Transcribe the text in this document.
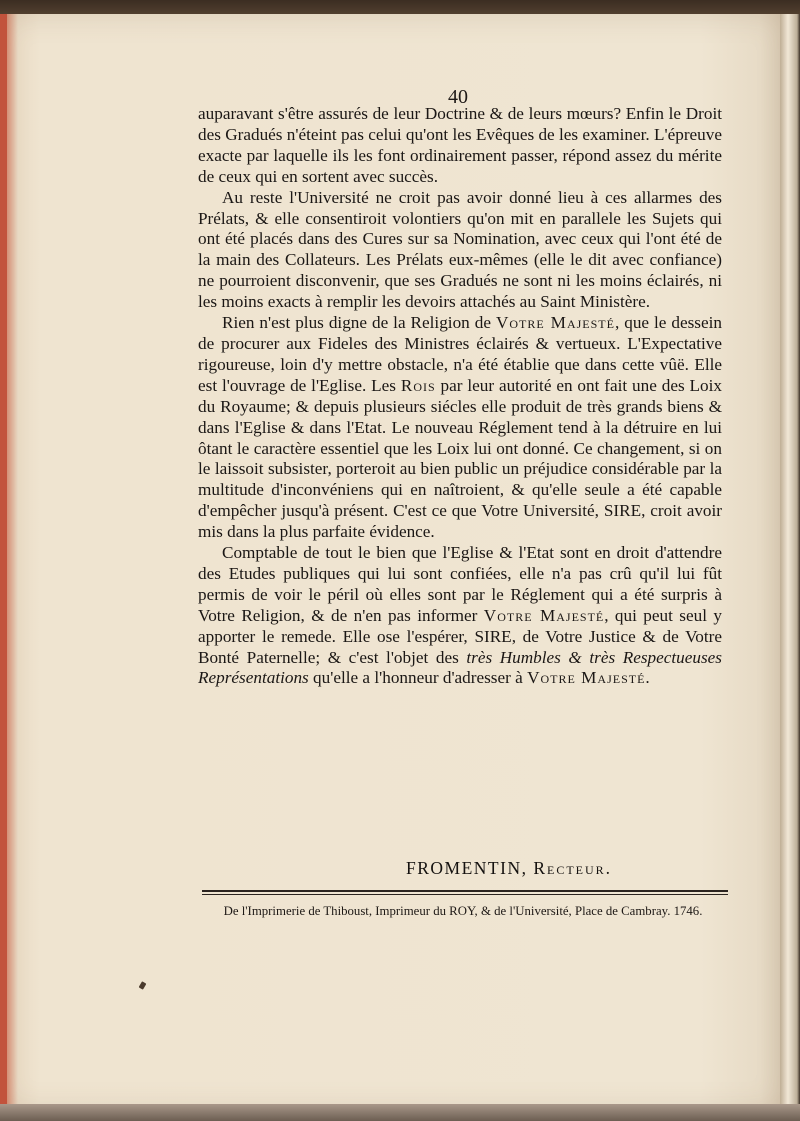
40

auparavant s'être assurés de leur Doctrine & de leurs mœurs? Enfin le Droit des Gradués n'éteint pas celui qu'ont les Evêques de les examiner. L'épreuve exacte par laquelle ils les font ordinairement passer, répond assez du mérite de ceux qui en sortent avec succès.

Au reste l'Université ne croit pas avoir donné lieu à ces allarmes des Prélats, & elle consentiroit volontiers qu'on mit en parallele les Sujets qui ont été placés dans des Cures sur sa Nomination, avec ceux qui l'ont été de la main des Collateurs. Les Prélats eux-mêmes (elle le dit avec confiance) ne pourroient disconvenir, que ses Gradués ne sont ni les moins éclairés, ni les moins exacts à remplir les devoirs attachés au Saint Ministère.

Rien n'est plus digne de la Religion de Votre Majesté, que le dessein de procurer aux Fideles des Ministres éclairés & vertueux. L'Expectative rigoureuse, loin d'y mettre obstacle, n'a été établie que dans cette vûë. Elle est l'ouvrage de l'Eglise. Les Rois par leur autorité en ont fait une des Loix du Royaume; & depuis plusieurs siécles elle produit de très grands biens & dans l'Eglise & dans l'Etat. Le nouveau Réglement tend à la détruire en lui ôtant le caractère essentiel que les Loix lui ont donné. Ce changement, si on le laissoit subsister, porteroit au bien public un préjudice considérable par la multitude d'inconvéniens qui en naîtroient, & qu'elle seule a été capable d'empêcher jusqu'à présent. C'est ce que Votre Université, SIRE, croit avoir mis dans la plus parfaite évidence.

Comptable de tout le bien que l'Eglise & l'Etat sont en droit d'attendre des Etudes publiques qui lui sont confiées, elle n'a pas crû qu'il lui fût permis de voir le péril où elles sont par le Réglement qui a été surpris à Votre Religion, & de n'en pas informer Votre Majesté, qui peut seul y apporter le remede. Elle ose l'espérer, SIRE, de Votre Justice & de Votre Bonté Paternelle; & c'est l'objet des très Humbles & très Respectueuses Représentations qu'elle a l'honneur d'adresser à Votre Majesté.

FROMENTIN, Recteur.
De l'Imprimerie de Thiboust, Imprimeur du ROY, & de l'Université, Place de Cambray. 1746.
